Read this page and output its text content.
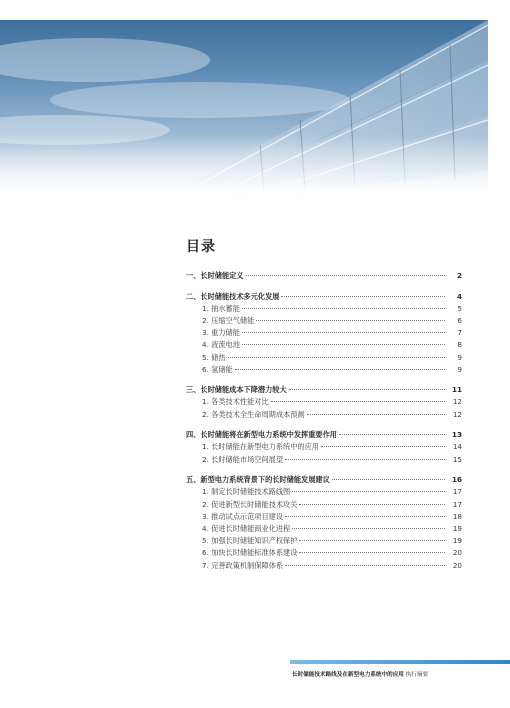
目录
一、长时储能定义	2
二、长时储能技术多元化发展	4
1. 抽水蓄能	5
2. 压缩空气储能	6
3. 重力储能	7
4. 液流电池	8
5. 储热	9
6. 氢储能	9
三、长时储能成本下降潜力较大	11
1. 各类技术性能对比	12
2. 各类技术全生命周期成本预测	12
四、长时储能将在新型电力系统中发挥重要作用	13
1. 长时储能在新型电力系统中的应用	14
2. 长时储能市场空间展望	15
五、新型电力系统背景下的长时储能发展建议	16
1. 制定长时储能技术路线图	17
2. 促进新型长时储能技术攻关	17
3. 推动试点示范项目建设	18
4. 促进长时储能商业化进程	19
5. 加强长时储能知识产权保护	19
6. 加快长时储能标准体系建设	20
7. 完善政策机制保障体系	20
长时储能技术路线及在新型电力系统中的应用 执行摘要
